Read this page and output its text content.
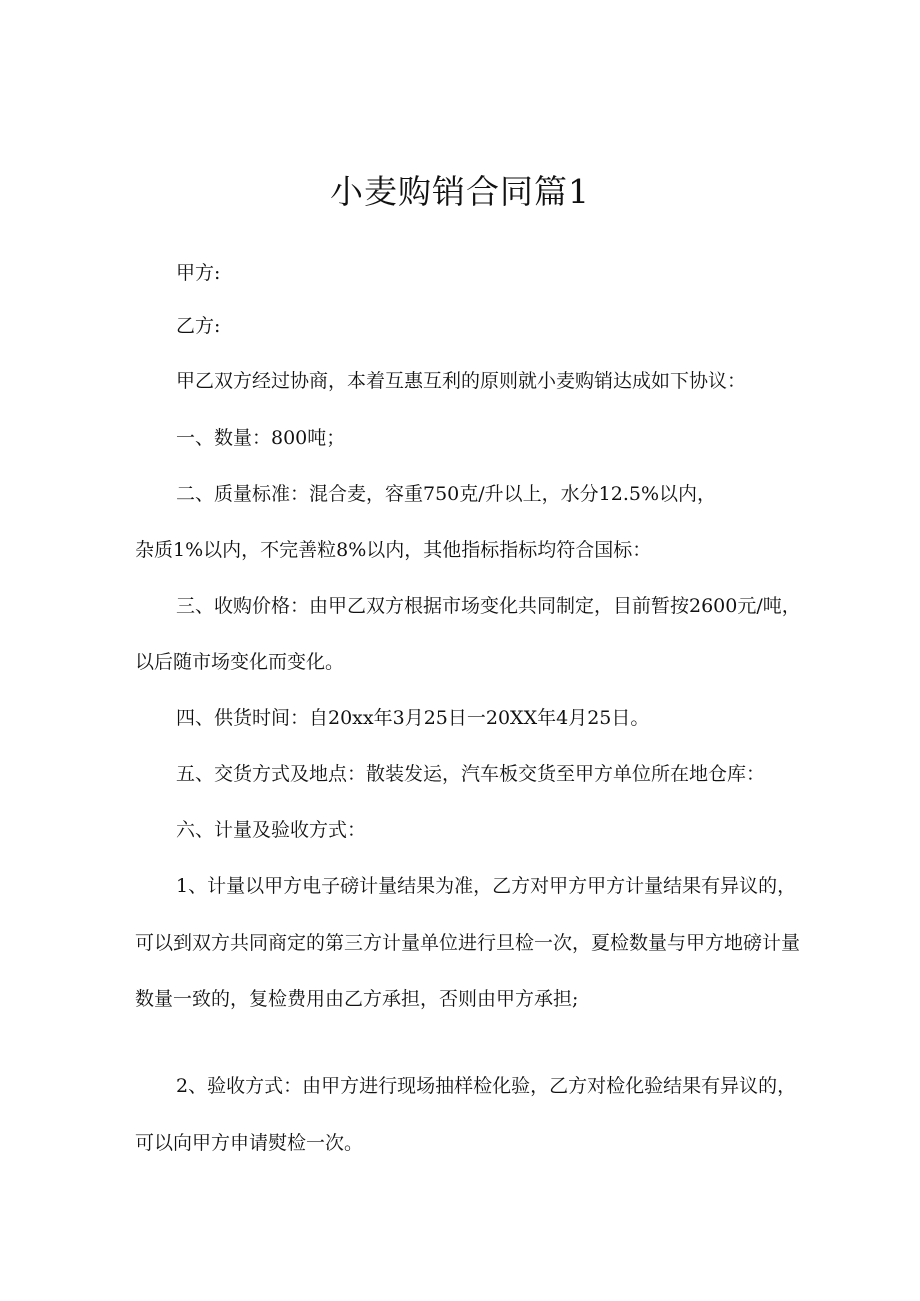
小麦购销合同篇1

甲方:

乙方:

甲乙双方经过协商，本着互惠互利的原则就小麦购销达成如下协议：

一、数量：800吨；

二、质量标准：混合麦，容重750克/升以上，水分12.5%以内，

杂质1%以内，不完善粒8%以内，其他指标指标均符合国标：

三、收购价格：由甲乙双方根据市场变化共同制定，目前暂按2600元/吨，

以后随市场变化而变化。

四、供货时间：自20xx年3月25日一20XX年4月25日。

五、交货方式及地点：散装发运，汽车板交货至甲方单位所在地仓库：

六、计量及验收方式：

1、计量以甲方电子磅计量结果为准，乙方对甲方甲方计量结果有异议的，

可以到双方共同商定的第三方计量单位进行旦检一次，夏检数量与甲方地磅计量

数量一致的，复检费用由乙方承担，否则由甲方承担;

2、验收方式：由甲方进行现场抽样检化验，乙方对检化验结果有异议的，

可以向甲方申请熨检一次。
